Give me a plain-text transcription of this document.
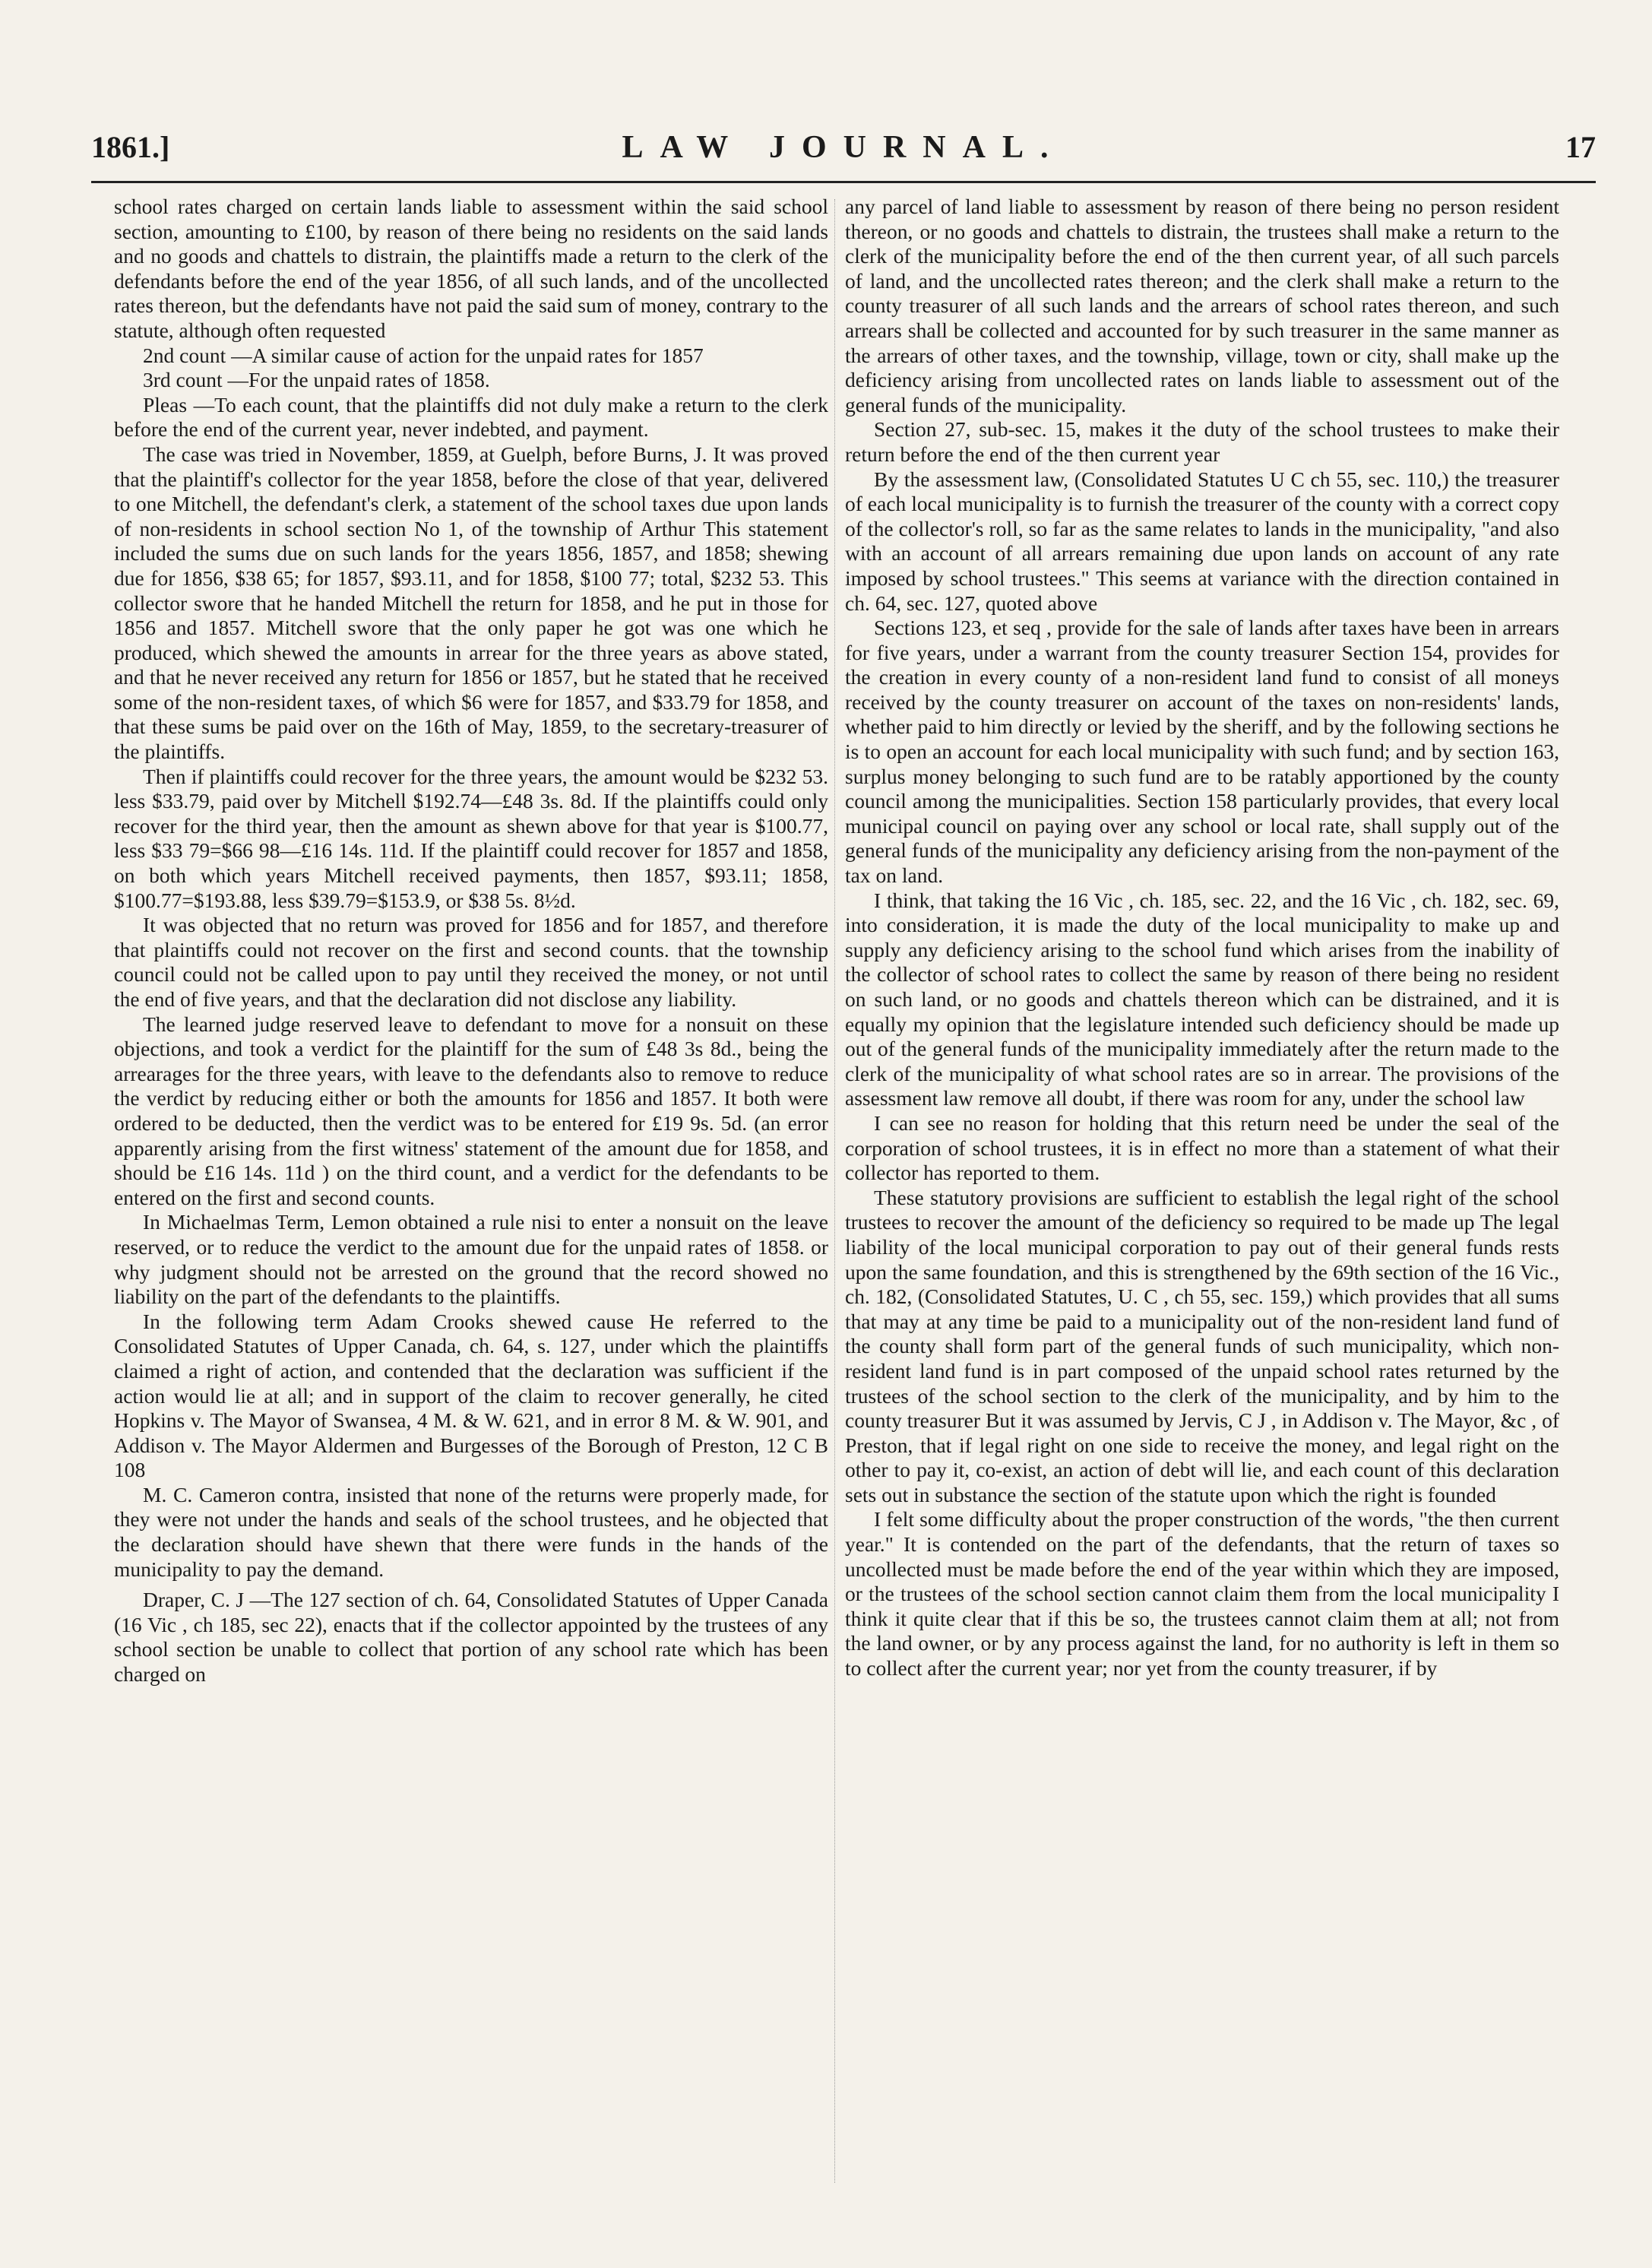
1861.]	LAW JOURNAL.	17

school rates charged on certain lands liable to assessment within the said school section, amounting to £100, by reason of there being no residents on the said lands and no goods and chattels to distrain, the plaintiffs made a return to the clerk of the defendants before the end of the year 1856, of all such lands, and of the uncollected rates thereon, but the defendants have not paid the said sum of money, contrary to the statute, although often requested

2nd count —A similar cause of action for the unpaid rates for 1857

3rd count —For the unpaid rates of 1858.

Pleas —To each count, that the plaintiffs did not duly make a return to the clerk before the end of the current year, never indebted, and payment.

The case was tried in November, 1859, at Guelph, before Burns, J. It was proved that the plaintiff's collector for the year 1858, before the close of that year, delivered to one Mitchell, the defendant's clerk, a statement of the school taxes due upon lands of non-residents in school section No 1, of the township of Arthur This statement included the sums due on such lands for the years 1856, 1857, and 1858; shewing due for 1856, $38 65; for 1857, $93.11, and for 1858, $100 77; total, $232 53. This collector swore that he handed Mitchell the return for 1858, and he put in those for 1856 and 1857. Mitchell swore that the only paper he got was one which he produced, which shewed the amounts in arrear for the three years as above stated, and that he never received any return for 1856 or 1857, but he stated that he received some of the non-resident taxes, of which $6 were for 1857, and $33.79 for 1858, and that these sums be paid over on the 16th of May, 1859, to the secretary-treasurer of the plaintiffs.

Then if plaintiffs could recover for the three years, the amount would be $232 53. less $33.79, paid over by Mitchell $192.74—£48 3s. 8d. If the plaintiffs could only recover for the third year, then the amount as shewn above for that year is $100.77, less $33 79=$66 98—£16 14s. 11d. If the plaintiff could recover for 1857 and 1858, on both which years Mitchell received payments, then 1857, $93.11; 1858, $100.77=$193.88, less $39.79=$153.9, or $38 5s. 8½d.

It was objected that no return was proved for 1856 and for 1857, and therefore that plaintiffs could not recover on the first and second counts. that the township council could not be called upon to pay until they received the money, or not until the end of five years, and that the declaration did not disclose any liability.

The learned judge reserved leave to defendant to move for a nonsuit on these objections, and took a verdict for the plaintiff for the sum of £48 3s 8d., being the arrearages for the three years, with leave to the defendants also to remove to reduce the verdict by reducing either or both the amounts for 1856 and 1857. It both were ordered to be deducted, then the verdict was to be entered for £19 9s. 5d. (an error apparently arising from the first witness' statement of the amount due for 1858, and should be £16 14s. 11d ) on the third count, and a verdict for the defendants to be entered on the first and second counts.

In Michaelmas Term, Lemon obtained a rule nisi to enter a nonsuit on the leave reserved, or to reduce the verdict to the amount due for the unpaid rates of 1858. or why judgment should not be arrested on the ground that the record showed no liability on the part of the defendants to the plaintiffs.

In the following term Adam Crooks shewed cause He referred to the Consolidated Statutes of Upper Canada, ch. 64, s. 127, under which the plaintiffs claimed a right of action, and contended that the declaration was sufficient if the action would lie at all; and in support of the claim to recover generally, he cited Hopkins v. The Mayor of Swansea, 4 M. & W. 621, and in error 8 M. & W. 901, and Addison v. The Mayor Aldermen and Burgesses of the Borough of Preston, 12 C B 108

M. C. Cameron contra, insisted that none of the returns were properly made, for they were not under the hands and seals of the school trustees, and he objected that the declaration should have shewn that there were funds in the hands of the municipality to pay the demand.

Draper, C. J —The 127 section of ch. 64, Consolidated Statutes of Upper Canada (16 Vic , ch 185, sec 22), enacts that if the collector appointed by the trustees of any school section be unable to collect that portion of any school rate which has been charged on

any parcel of land liable to assessment by reason of there being no person resident thereon, or no goods and chattels to distrain, the trustees shall make a return to the clerk of the municipality before the end of the then current year, of all such parcels of land, and the uncollected rates thereon; and the clerk shall make a return to the county treasurer of all such lands and the arrears of school rates thereon, and such arrears shall be collected and accounted for by such treasurer in the same manner as the arrears of other taxes, and the township, village, town or city, shall make up the deficiency arising from uncollected rates on lands liable to assessment out of the general funds of the municipality.

Section 27, sub-sec. 15, makes it the duty of the school trustees to make their return before the end of the then current year

By the assessment law, (Consolidated Statutes U C ch 55, sec. 110,) the treasurer of each local municipality is to furnish the treasurer of the county with a correct copy of the collector's roll, so far as the same relates to lands in the municipality, "and also with an account of all arrears remaining due upon lands on account of any rate imposed by school trustees." This seems at variance with the direction contained in ch. 64, sec. 127, quoted above

Sections 123, et seq , provide for the sale of lands after taxes have been in arrears for five years, under a warrant from the county treasurer Section 154, provides for the creation in every county of a non-resident land fund to consist of all moneys received by the county treasurer on account of the taxes on non-residents' lands, whether paid to him directly or levied by the sheriff, and by the following sections he is to open an account for each local municipality with such fund; and by section 163, surplus money belonging to such fund are to be ratably apportioned by the county council among the municipalities. Section 158 particularly provides, that every local municipal council on paying over any school or local rate, shall supply out of the general funds of the municipality any deficiency arising from the non-payment of the tax on land.

I think, that taking the 16 Vic , ch. 185, sec. 22, and the 16 Vic , ch. 182, sec. 69, into consideration, it is made the duty of the local municipality to make up and supply any deficiency arising to the school fund which arises from the inability of the collector of school rates to collect the same by reason of there being no resident on such land, or no goods and chattels thereon which can be distrained, and it is equally my opinion that the legislature intended such deficiency should be made up out of the general funds of the municipality immediately after the return made to the clerk of the municipality of what school rates are so in arrear. The provisions of the assessment law remove all doubt, if there was room for any, under the school law

I can see no reason for holding that this return need be under the seal of the corporation of school trustees, it is in effect no more than a statement of what their collector has reported to them.

These statutory provisions are sufficient to establish the legal right of the school trustees to recover the amount of the deficiency so required to be made up The legal liability of the local municipal corporation to pay out of their general funds rests upon the same foundation, and this is strengthened by the 69th section of the 16 Vic., ch. 182, (Consolidated Statutes, U. C , ch 55, sec. 159,) which provides that all sums that may at any time be paid to a municipality out of the non-resident land fund of the county shall form part of the general funds of such municipality, which non-resident land fund is in part composed of the unpaid school rates returned by the trustees of the school section to the clerk of the municipality, and by him to the county treasurer But it was assumed by Jervis, C J , in Addison v. The Mayor, &c , of Preston, that if legal right on one side to receive the money, and legal right on the other to pay it, co-exist, an action of debt will lie, and each count of this declaration sets out in substance the section of the statute upon which the right is founded

I felt some difficulty about the proper construction of the words, "the then current year." It is contended on the part of the defendants, that the return of taxes so uncollected must be made before the end of the year within which they are imposed, or the trustees of the school section cannot claim them from the local municipality I think it quite clear that if this be so, the trustees cannot claim them at all; not from the land owner, or by any process against the land, for no authority is left in them so to collect after the current year; nor yet from the county treasurer, if by
